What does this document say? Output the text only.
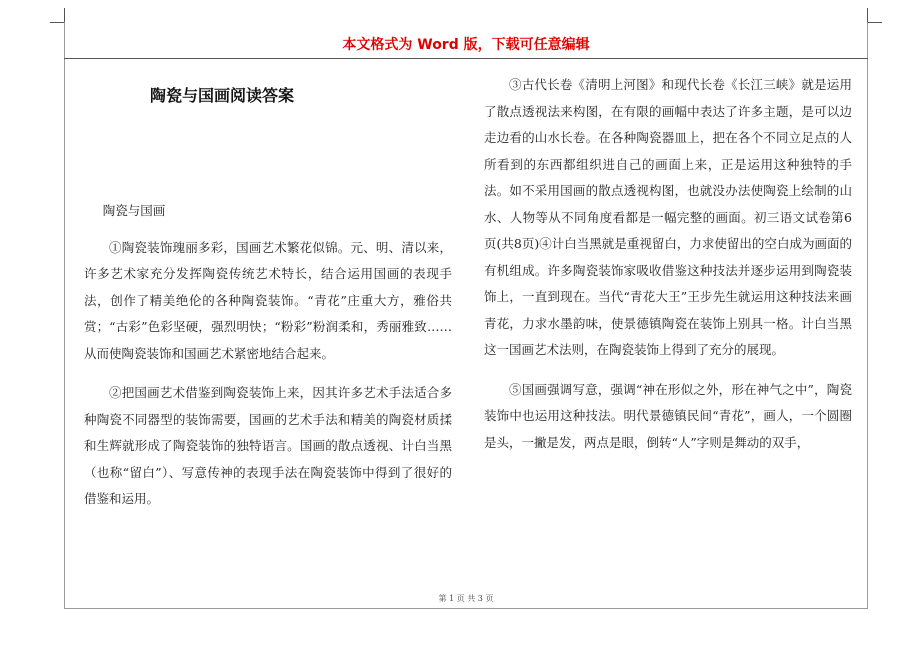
本文格式为 Word 版，下载可任意编辑
陶瓷与国画阅读答案

陶瓷与国画

①陶瓷装饰瑰丽多彩，国画艺术繁花似锦。元、明、清以来，许多艺术家充分发挥陶瓷传统艺术特长，结合运用国画的表现手法，创作了精美绝伦的各种陶瓷装饰。“青花”庄重大方，雅俗共赏；“古彩”色彩坚硬，强烈明快；“粉彩”粉润柔和，秀丽雅致……从而使陶瓷装饰和国画艺术紧密地结合起来。

②把国画艺术借鉴到陶瓷装饰上来，因其许多艺术手法适合多种陶瓷不同器型的装饰需要，国画的艺术手法和精美的陶瓷材质揉和生辉就形成了陶瓷装饰的独特语言。国画的散点透视、计白当黑（也称“留白”）、写意传神的表现手法在陶瓷装饰中得到了很好的借鉴和运用。

③古代长卷《清明上河图》和现代长卷《长江三峡》就是运用了散点透视法来构图，在有限的画幅中表达了许多主题，是可以边走边看的山水长卷。在各种陶瓷器皿上，把在各个不同立足点的人所看到的东西都组织进自己的画面上来，正是运用这种独特的手法。如不采用国画的散点透视构图，也就没办法使陶瓷上绘制的山水、人物等从不同角度看都是一幅完整的画面。初三语文试卷第6页(共8页)④计白当黑就是重视留白，力求使留出的空白成为画面的有机组成。许多陶瓷装饰家吸收借鉴这种技法并逐步运用到陶瓷装饰上，一直到现在。当代“青花大王”王步先生就运用这种技法来画青花，力求水墨韵味，使景德镇陶瓷在装饰上别具一格。计白当黑这一国画艺术法则，在陶瓷装饰上得到了充分的展现。

⑤国画强调写意，强调“神在形似之外，形在神气之中”，陶瓷装饰中也运用这种技法。明代景德镇民间“青花”，画人，一个圆圈是头，一撇是发，两点是眼，倒转“人”字则是舞动的双手，

第 1 页 共 3 页
